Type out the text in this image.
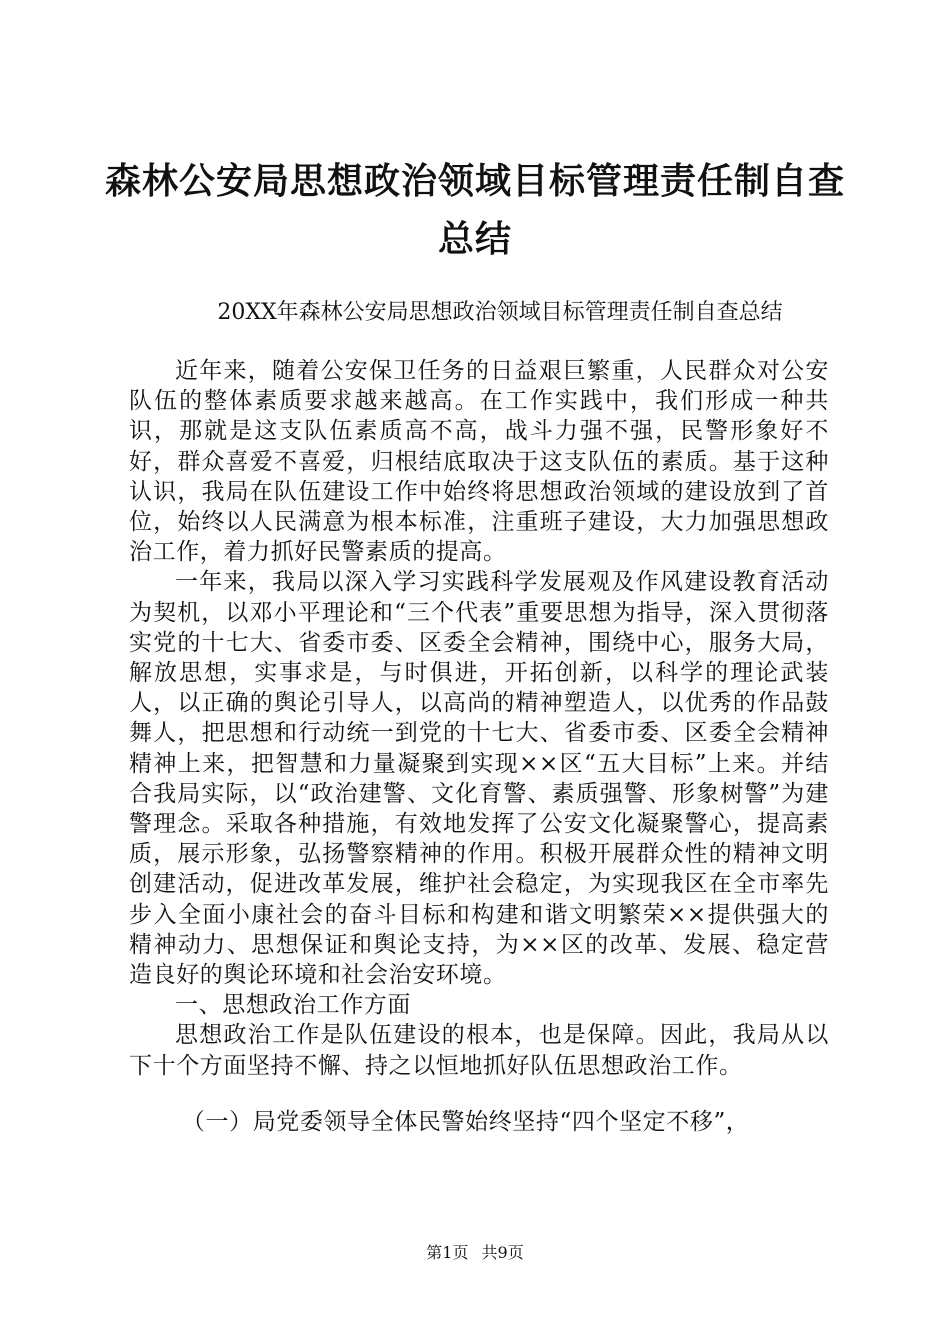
森林公安局思想政治领域目标管理责任制自查
总结
20XX年森林公安局思想政治领域目标管理责任制自查总结

近年来，随着公安保卫任务的日益艰巨繁重，人民群众对公安队伍的整体素质要求越来越高。在工作实践中，我们形成一种共识，那就是这支队伍素质高不高，战斗力强不强，民警形象好不好，群众喜爱不喜爱，归根结底取决于这支队伍的素质。基于这种认识，我局在队伍建设工作中始终将思想政治领域的建设放到了首位，始终以人民满意为根本标准，注重班子建设，大力加强思想政治工作，着力抓好民警素质的提高。

一年来，我局以深入学习实践科学发展观及作风建设教育活动为契机，以邓小平理论和“三个代表”重要思想为指导，深入贯彻落实党的十七大、省委市委、区委全会精神，围绕中心，服务大局，解放思想，实事求是，与时俱进，开拓创新，以科学的理论武装人，以正确的舆论引导人，以高尚的精神塑造人，以优秀的作品鼓舞人，把思想和行动统一到党的十七大、省委市委、区委全会精神精神上来，把智慧和力量凝聚到实现××区“五大目标”上来。并结合我局实际，以“政治建警、文化育警、素质强警、形象树警”为建警理念。采取各种措施，有效地发挥了公安文化凝聚警心，提高素质，展示形象，弘扬警察精神的作用。积极开展群众性的精神文明创建活动，促进改革发展，维护社会稳定，为实现我区在全市率先步入全面小康社会的奋斗目标和构建和谐文明繁荣××提供强大的精神动力、思想保证和舆论支持，为××区的改革、发展、稳定营造良好的舆论环境和社会治安环境。

一、思想政治工作方面

思想政治工作是队伍建设的根本，也是保障。因此，我局从以下十个方面坚持不懈、持之以恒地抓好队伍思想政治工作。

（一）局党委领导全体民警始终坚持“四个坚定不移”，

第1页 共9页
